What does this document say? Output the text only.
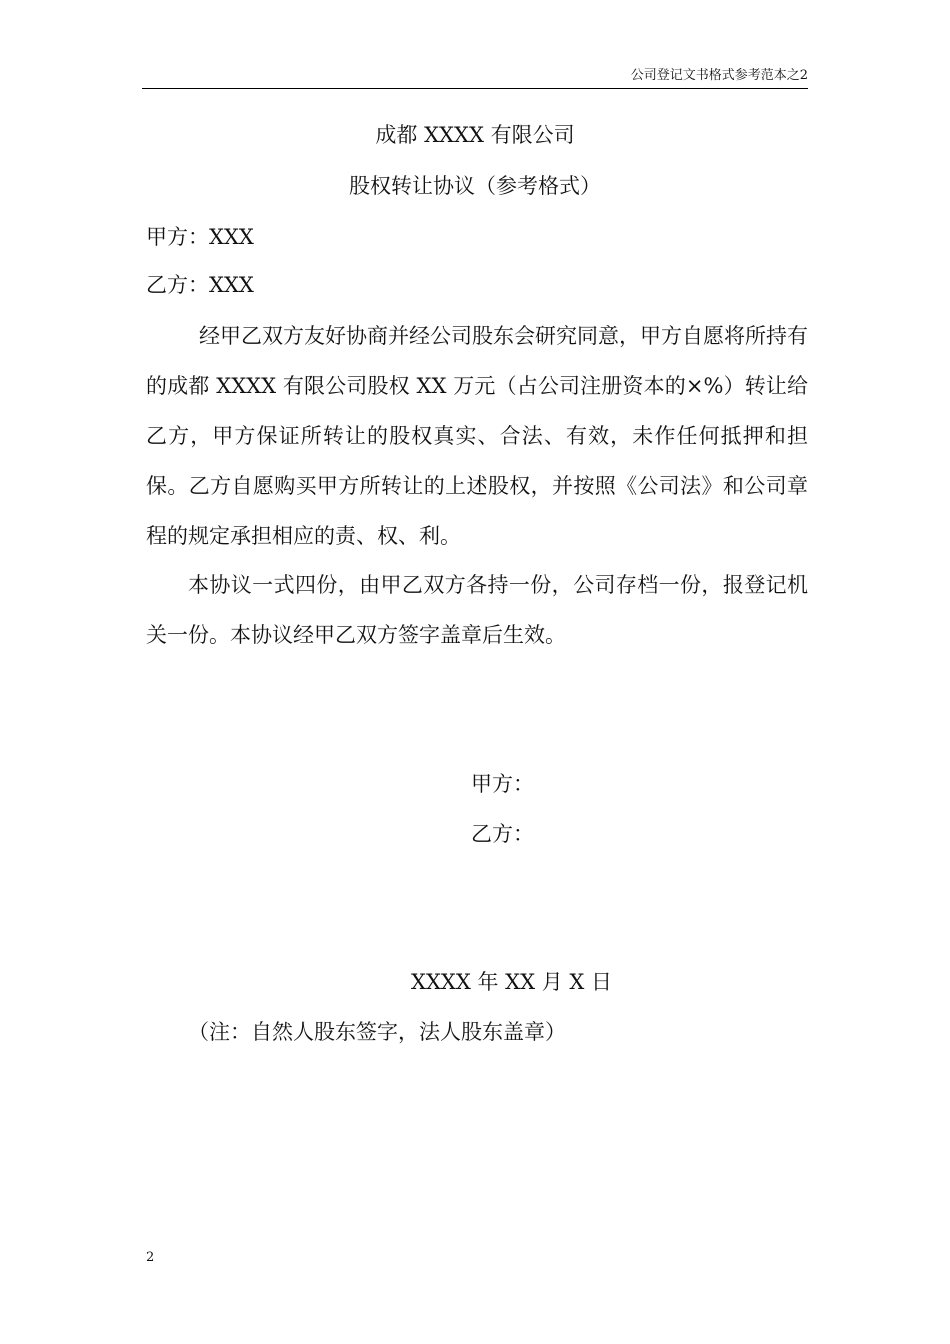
公司登记文书格式参考范本之2
成都 XXXX 有限公司
股权转让协议（参考格式）
甲方：XXX
乙方：XXX
经甲乙双方友好协商并经公司股东会研究同意，甲方自愿将所持有的成都 XXXX 有限公司股权 XX 万元（占公司注册资本的×%）转让给乙方，甲方保证所转让的股权真实、合法、有效，未作任何抵押和担保。乙方自愿购买甲方所转让的上述股权，并按照《公司法》和公司章程的规定承担相应的责、权、利。
本协议一式四份，由甲乙双方各持一份，公司存档一份，报登记机关一份。本协议经甲乙双方签字盖章后生效。
甲方：
乙方：
XXXX 年 XX 月 X 日
（注：自然人股东签字，法人股东盖章）
2
